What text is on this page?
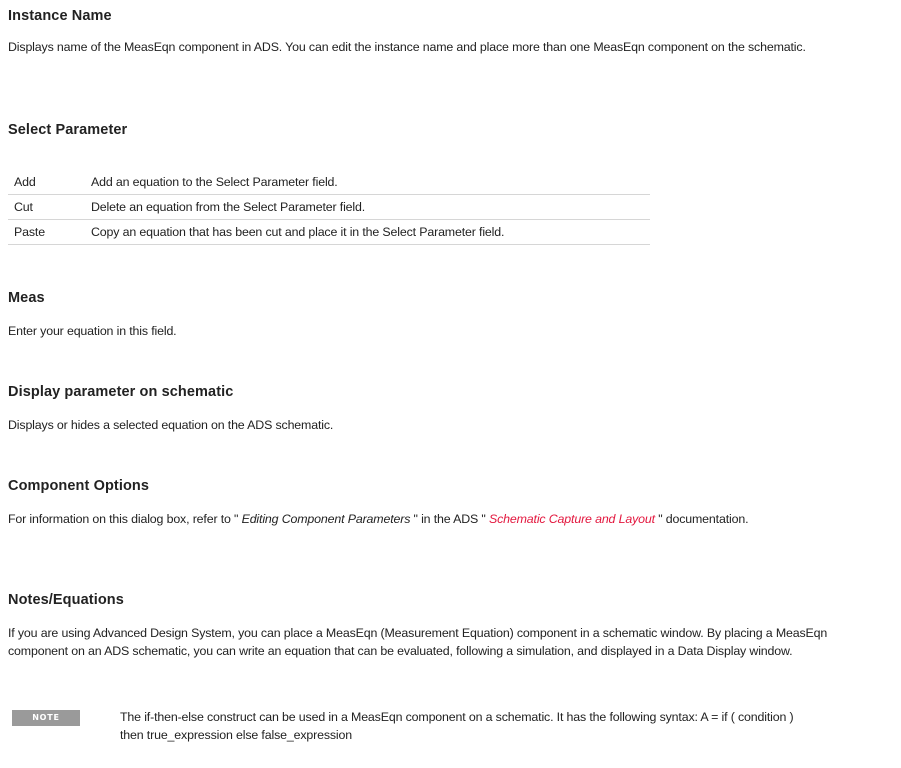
Instance Name

Displays name of the MeasEqn component in ADS. You can edit the instance name and place more than one MeasEqn component on the schematic.

Select Parameter
Add	Add an equation to the Select Parameter field.
Cut	Delete an equation from the Select Parameter field.
Paste	Copy an equation that has been cut and place it in the Select Parameter field.
Meas

Enter your equation in this field.

Display parameter on schematic

Displays or hides a selected equation on the ADS schematic.

Component Options

For information on this dialog box, refer to " Editing Component Parameters " in the ADS " Schematic Capture and Layout " documentation.

Notes/Equations

If you are using Advanced Design System, you can place a MeasEqn (Measurement Equation) component in a schematic window. By placing a MeasEqn component on an ADS schematic, you can write an equation that can be evaluated, following a simulation, and displayed in a Data Display window.

NOTE	The if-then-else construct can be used in a MeasEqn component on a schematic. It has the following syntax: A = if ( condition ) then true_expression else false_expression
